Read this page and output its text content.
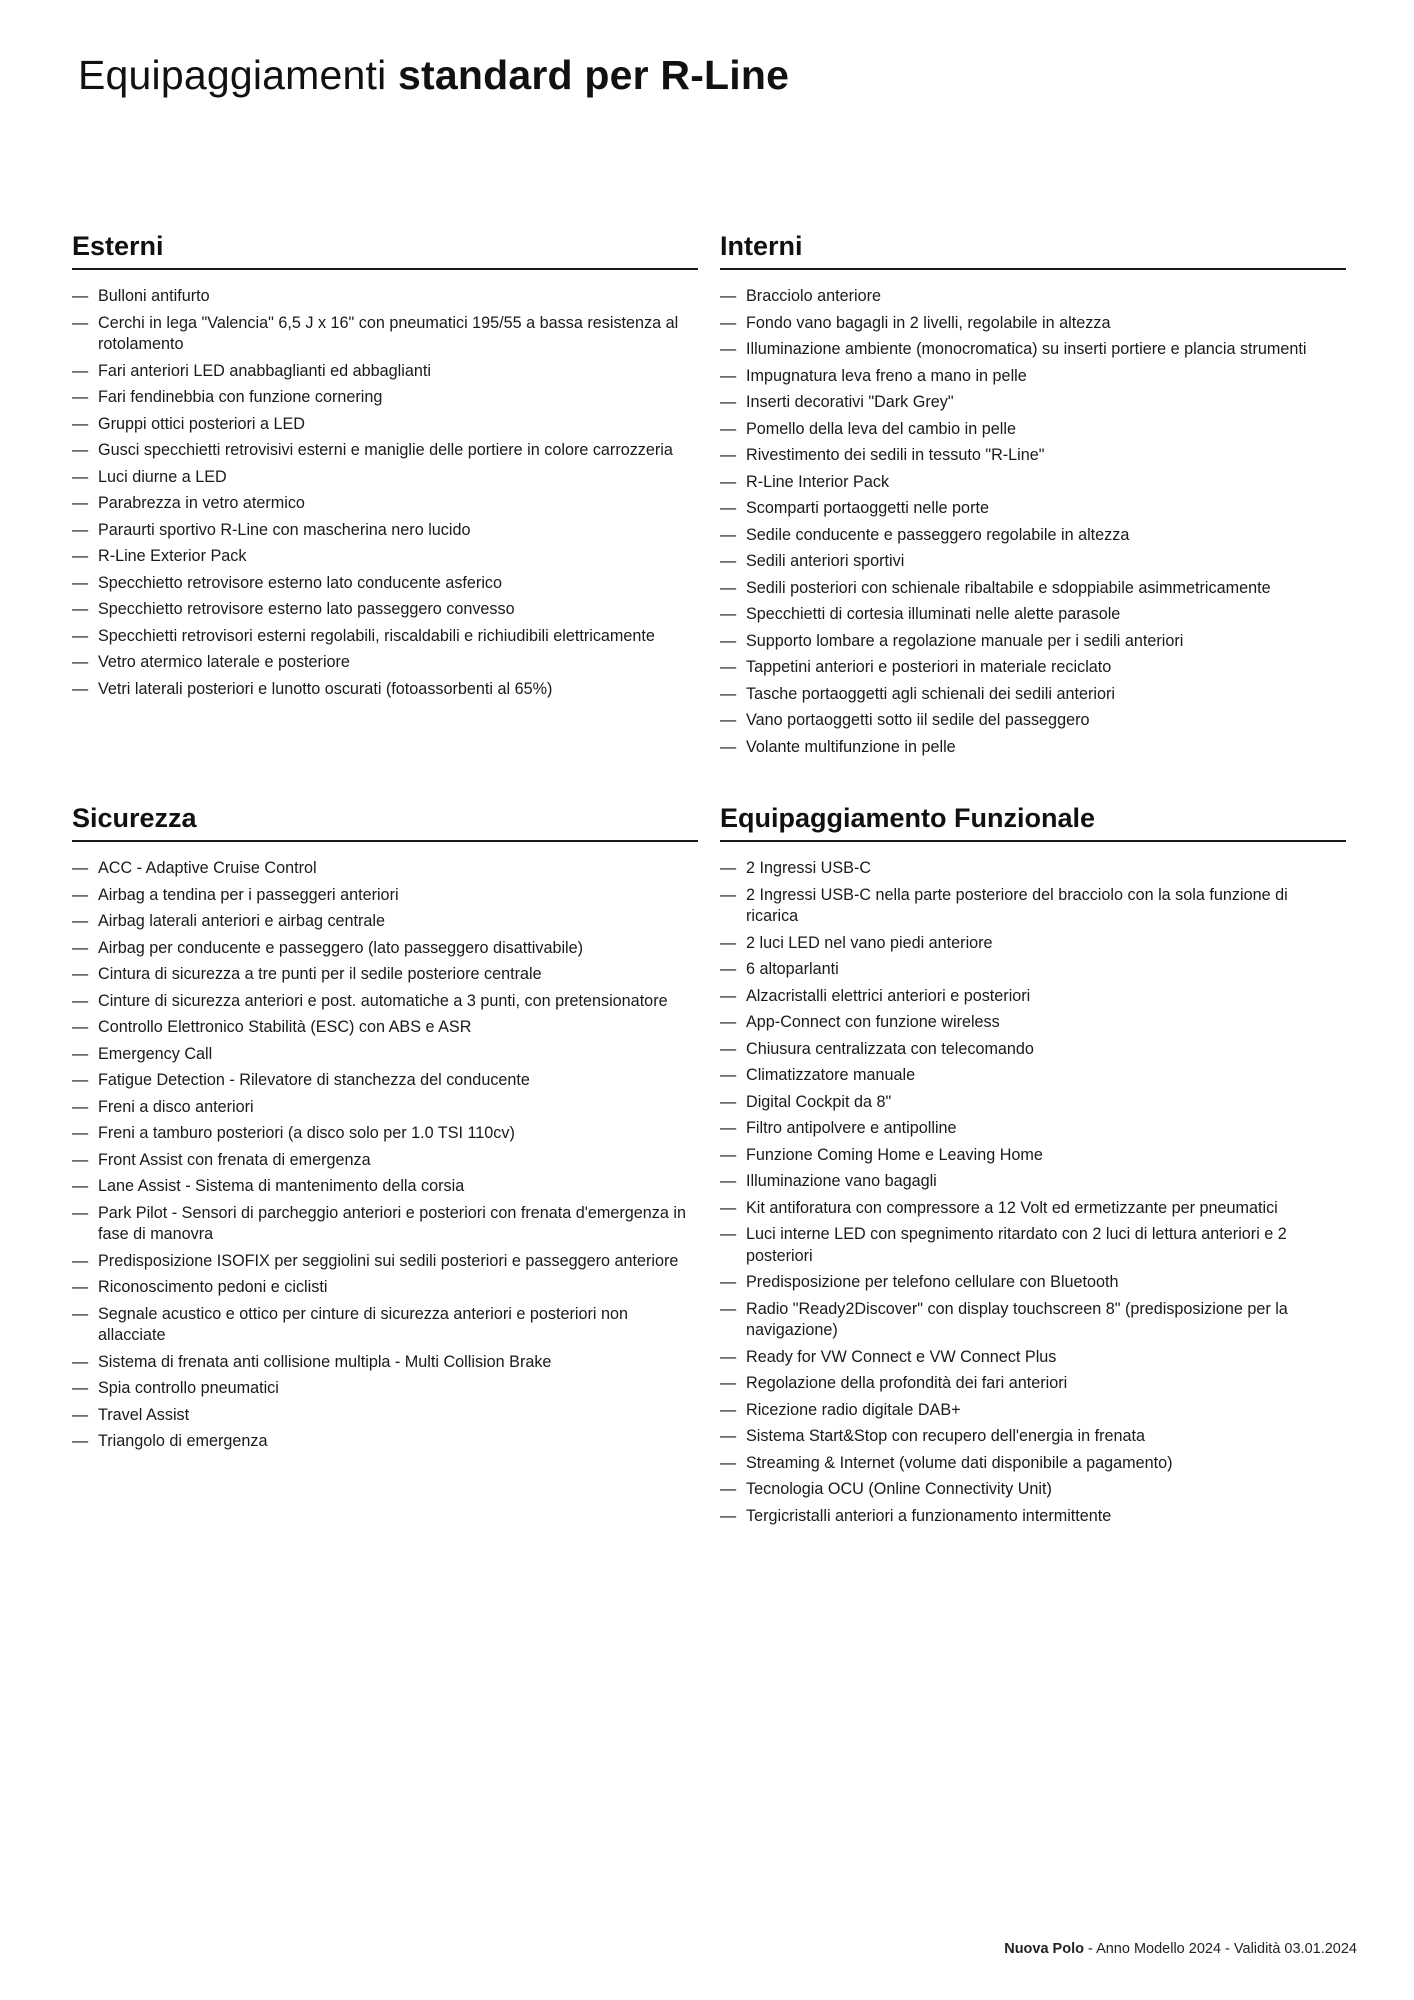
Equipaggiamenti standard per R-Line
Esterni
— Bulloni antifurto
— Cerchi in lega "Valencia" 6,5 J x 16" con pneumatici 195/55 a bassa resistenza al rotolamento
— Fari anteriori LED anabbaglianti ed abbaglianti
— Fari fendinebbia con funzione cornering
— Gruppi ottici posteriori a LED
— Gusci specchietti retrovisivi esterni e maniglie delle portiere in colore carrozzeria
— Luci diurne a LED
— Parabrezza in vetro atermico
— Paraurti sportivo R-Line con mascherina nero lucido
— R-Line Exterior Pack
— Specchietto retrovisore esterno lato conducente asferico
— Specchietto retrovisore esterno lato passeggero convesso
— Specchietti retrovisori esterni regolabili, riscaldabili e richiudibili elettricamente
— Vetro atermico laterale e posteriore
— Vetri laterali posteriori e lunotto oscurati (fotoassorbenti al 65%)
Interni
— Bracciolo anteriore
— Fondo vano bagagli in 2 livelli, regolabile in altezza
— Illuminazione ambiente (monocromatica) su inserti portiere e plancia strumenti
— Impugnatura leva freno a mano in pelle
— Inserti decorativi "Dark Grey"
— Pomello della leva del cambio in pelle
— Rivestimento dei sedili in tessuto "R-Line"
— R-Line Interior Pack
— Scomparti portaoggetti nelle porte
— Sedile conducente e passeggero regolabile in altezza
— Sedili anteriori sportivi
— Sedili posteriori con schienale ribaltabile e sdoppiabile asimmetricamente
— Specchietti di cortesia illuminati nelle alette parasole
— Supporto lombare a regolazione manuale per i sedili anteriori
— Tappetini anteriori e posteriori in materiale reciclato
— Tasche portaoggetti agli schienali dei sedili anteriori
— Vano portaoggetti sotto iil sedile del passeggero
— Volante multifunzione in pelle
Sicurezza
— ACC - Adaptive Cruise Control
— Airbag a tendina per i passeggeri anteriori
— Airbag laterali anteriori e airbag centrale
— Airbag per conducente e passeggero (lato passeggero disattivabile)
— Cintura di sicurezza a tre punti per il sedile posteriore centrale
— Cinture di sicurezza anteriori e post. automatiche a 3 punti, con pretensionatore
— Controllo Elettronico Stabilità (ESC) con ABS e ASR
— Emergency Call
— Fatigue Detection - Rilevatore di stanchezza del conducente
— Freni a disco anteriori
— Freni a tamburo posteriori (a disco solo per 1.0 TSI 110cv)
— Front Assist con frenata di emergenza
— Lane Assist - Sistema di mantenimento della corsia
— Park Pilot - Sensori di parcheggio anteriori e posteriori con frenata d'emergenza in fase di manovra
— Predisposizione ISOFIX per seggiolini sui sedili posteriori e passeggero anteriore
— Riconoscimento pedoni e ciclisti
— Segnale acustico e ottico per cinture di sicurezza anteriori e posteriori non allacciate
— Sistema di frenata anti collisione multipla - Multi Collision Brake
— Spia controllo pneumatici
— Travel Assist
— Triangolo di emergenza
Equipaggiamento Funzionale
— 2 Ingressi USB-C
— 2 Ingressi USB-C nella parte posteriore del bracciolo con la sola funzione di ricarica
— 2 luci LED nel vano piedi anteriore
— 6 altoparlanti
— Alzacristalli elettrici anteriori e posteriori
— App-Connect con funzione wireless
— Chiusura centralizzata con telecomando
— Climatizzatore manuale
— Digital Cockpit da 8"
— Filtro antipolvere e antipolline
— Funzione Coming Home e Leaving Home
— Illuminazione vano bagagli
— Kit antiforatura con compressore a 12 Volt ed ermetizzante per pneumatici
— Luci interne LED con spegnimento ritardato con 2 luci di lettura anteriori e 2 posteriori
— Predisposizione per telefono cellulare con Bluetooth
— Radio "Ready2Discover" con display touchscreen 8" (predisposizione per la navigazione)
— Ready for VW Connect e VW Connect Plus
— Regolazione della profondità dei fari anteriori
— Ricezione radio digitale DAB+
— Sistema Start&Stop con recupero dell'energia in frenata
— Streaming & Internet (volume dati disponibile a pagamento)
— Tecnologia OCU (Online Connectivity Unit)
— Tergicristalli anteriori a funzionamento intermittente
Nuova Polo - Anno Modello 2024 - Validità 03.01.2024
